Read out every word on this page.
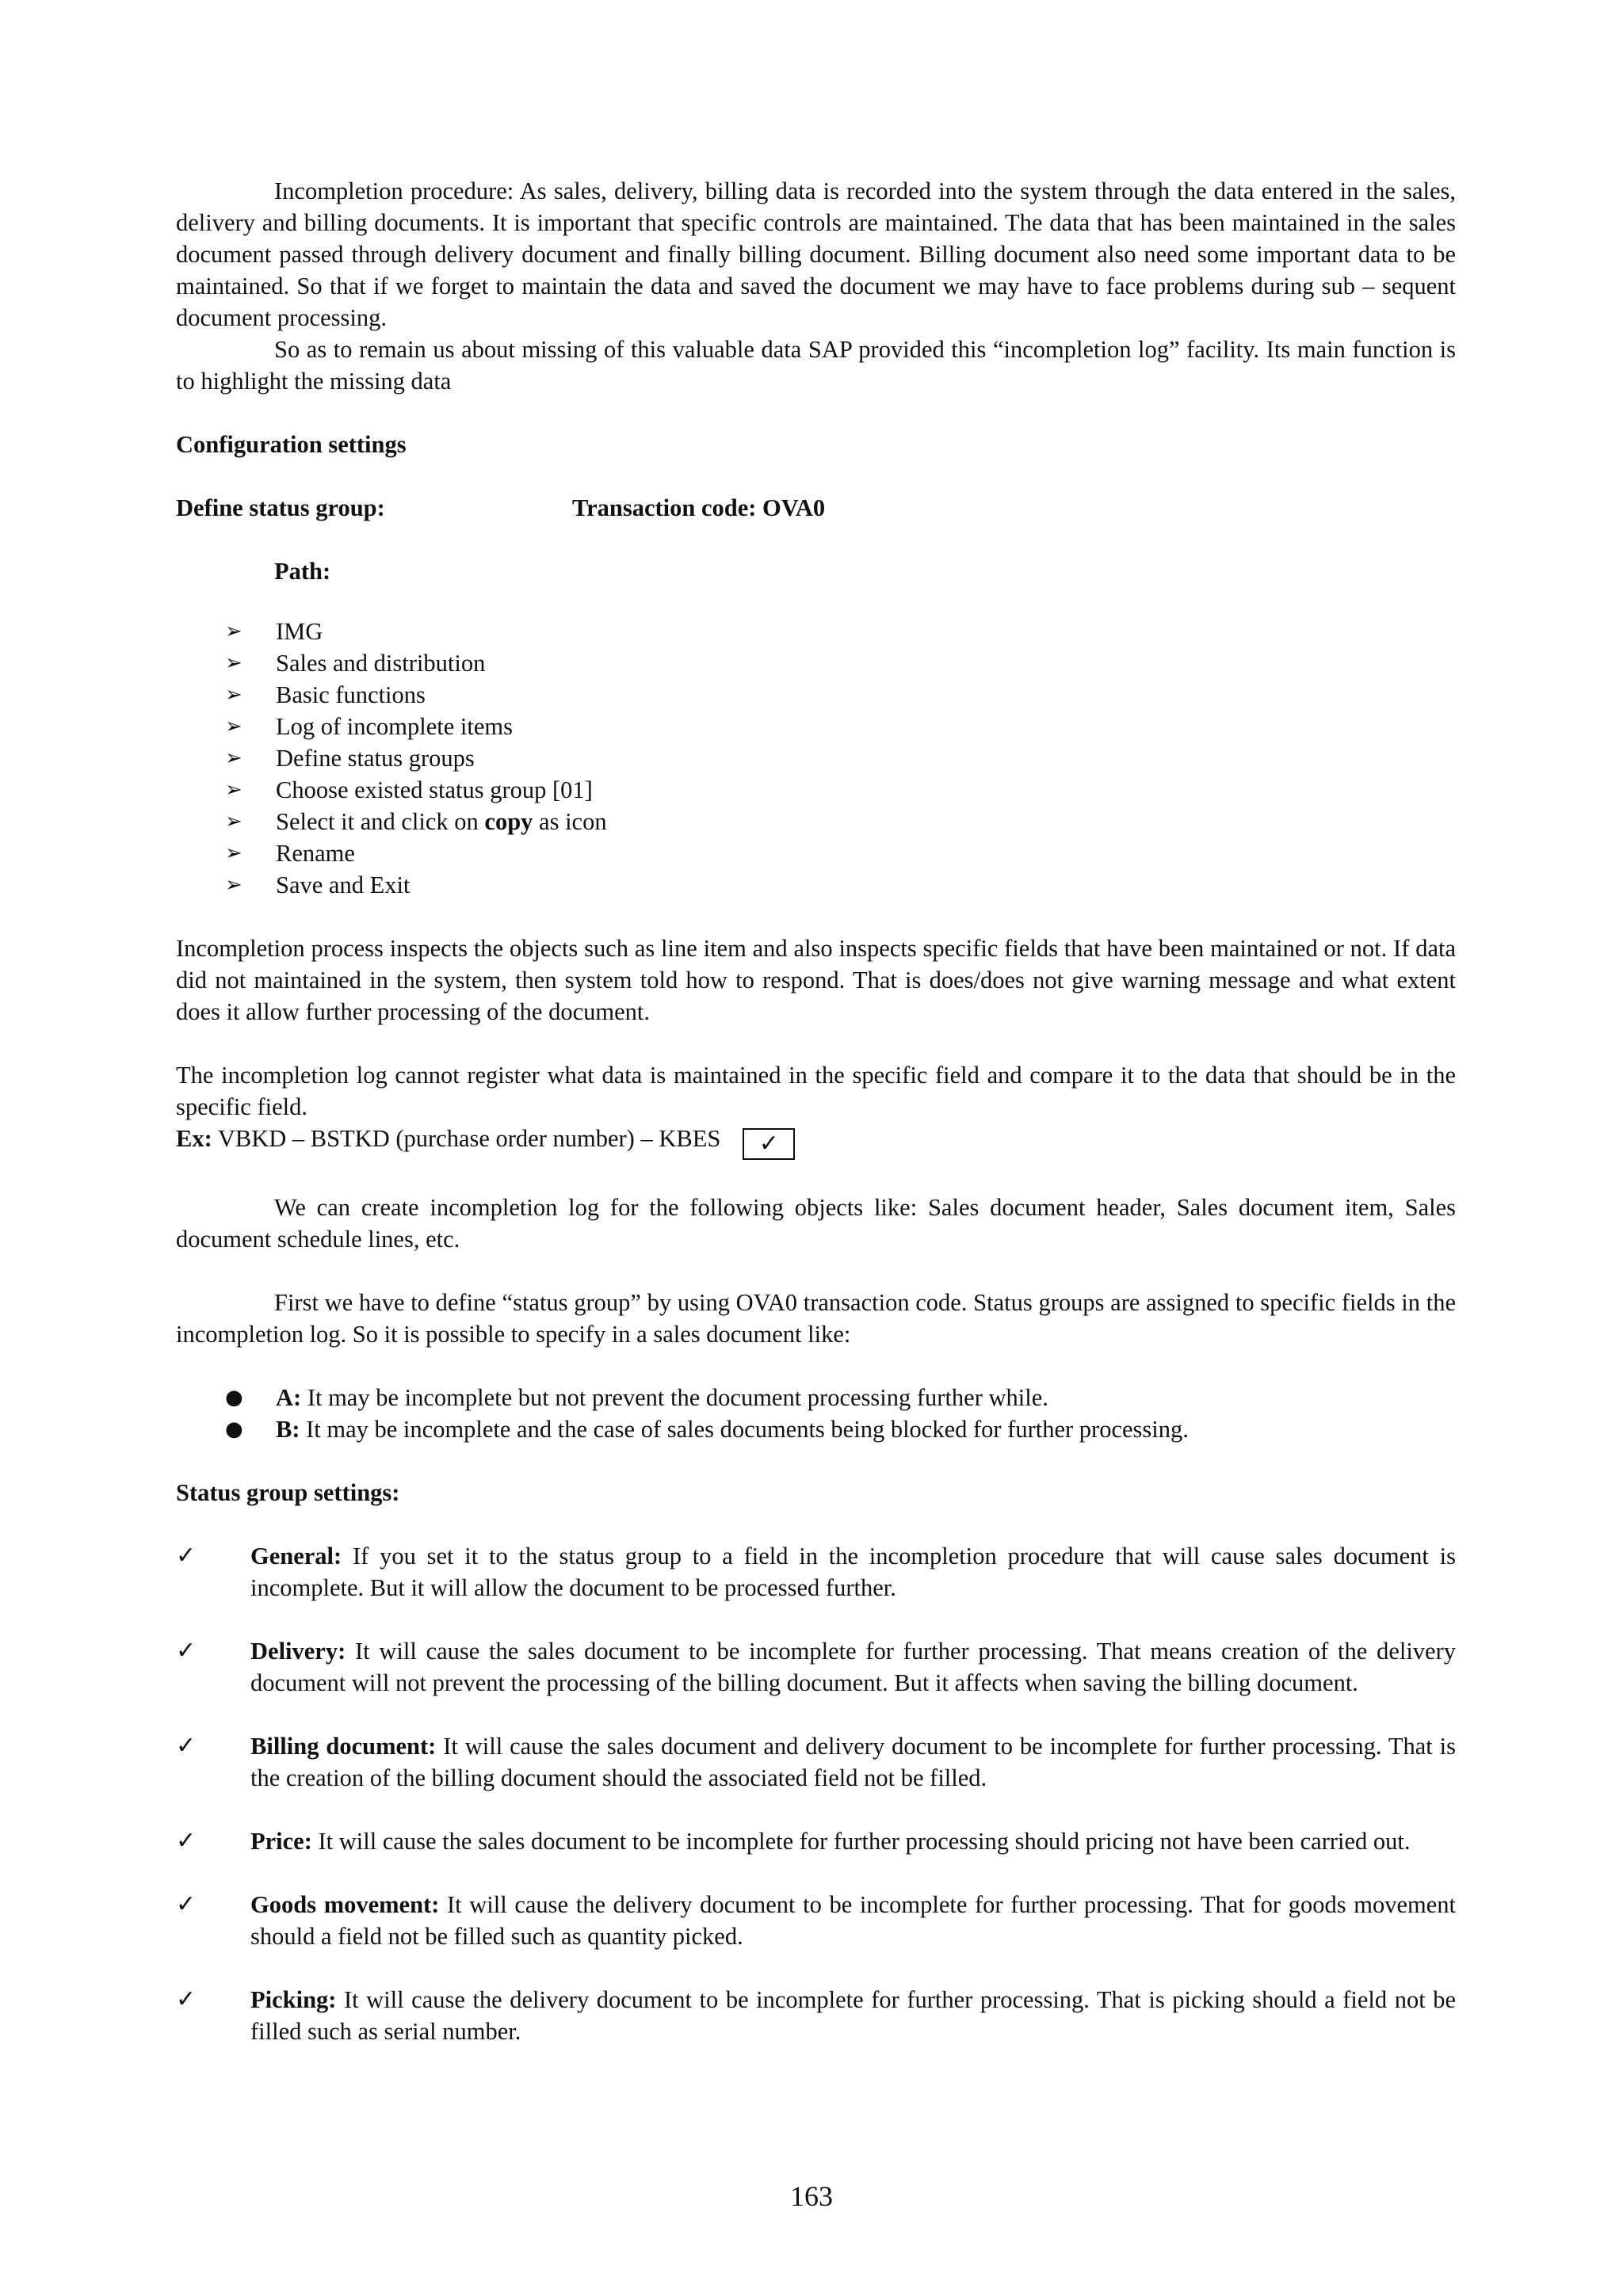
Incompletion procedure: As sales, delivery, billing data is recorded into the system through the data entered in the sales, delivery and billing documents. It is important that specific controls are maintained. The data that has been maintained in the sales document passed through delivery document and finally billing document. Billing document also need some important data to be maintained. So that if we forget to maintain the data and saved the document we may have to face problems during sub – sequent document processing.

So as to remain us about missing of this valuable data SAP provided this “incompletion log” facility. Its main function is to highlight the missing data

Configuration settings

Define status group:	Transaction code: OVA0
Path:
➢	IMG
➢	Sales and distribution
➢	Basic functions
➢	Log of incomplete items
➢	Define status groups
➢	Choose existed status group [01]
➢	Select it and click on copy as icon
➢	Rename
➢	Save and Exit

Incompletion process inspects the objects such as line item and also inspects specific fields that have been maintained or not. If data did not maintained in the system, then system told how to respond. That is does/does not give warning message and what extent does it allow further processing of the document.

The incompletion log cannot register what data is maintained in the specific field and compare it to the data that should be in the specific field.

Ex: VBKD – BSTKD (purchase order number) – KBES ✓

We can create incompletion log for the following objects like: Sales document header, Sales document item, Sales document schedule lines, etc.

First we have to define “status group” by using OVA0 transaction code. Status groups are assigned to specific fields in the incompletion log. So it is possible to specify in a sales document like:

●	A: It may be incomplete but not prevent the document processing further while.
●	B: It may be incomplete and the case of sales documents being blocked for further processing.

Status group settings:

✓	General: If you set it to the status group to a field in the incompletion procedure that will cause sales document is incomplete. But it will allow the document to be processed further.
✓	Delivery: It will cause the sales document to be incomplete for further processing. That means creation of the delivery document will not prevent the processing of the billing document. But it affects when saving the billing document.
✓	Billing document: It will cause the sales document and delivery document to be incomplete for further processing. That is the creation of the billing document should the associated field not be filled.
✓	Price: It will cause the sales document to be incomplete for further processing should pricing not have been carried out.
✓	Goods movement: It will cause the delivery document to be incomplete for further processing. That for goods movement should a field not be filled such as quantity picked.
✓	Picking: It will cause the delivery document to be incomplete for further processing. That is picking should a field not be filled such as serial number.
163
